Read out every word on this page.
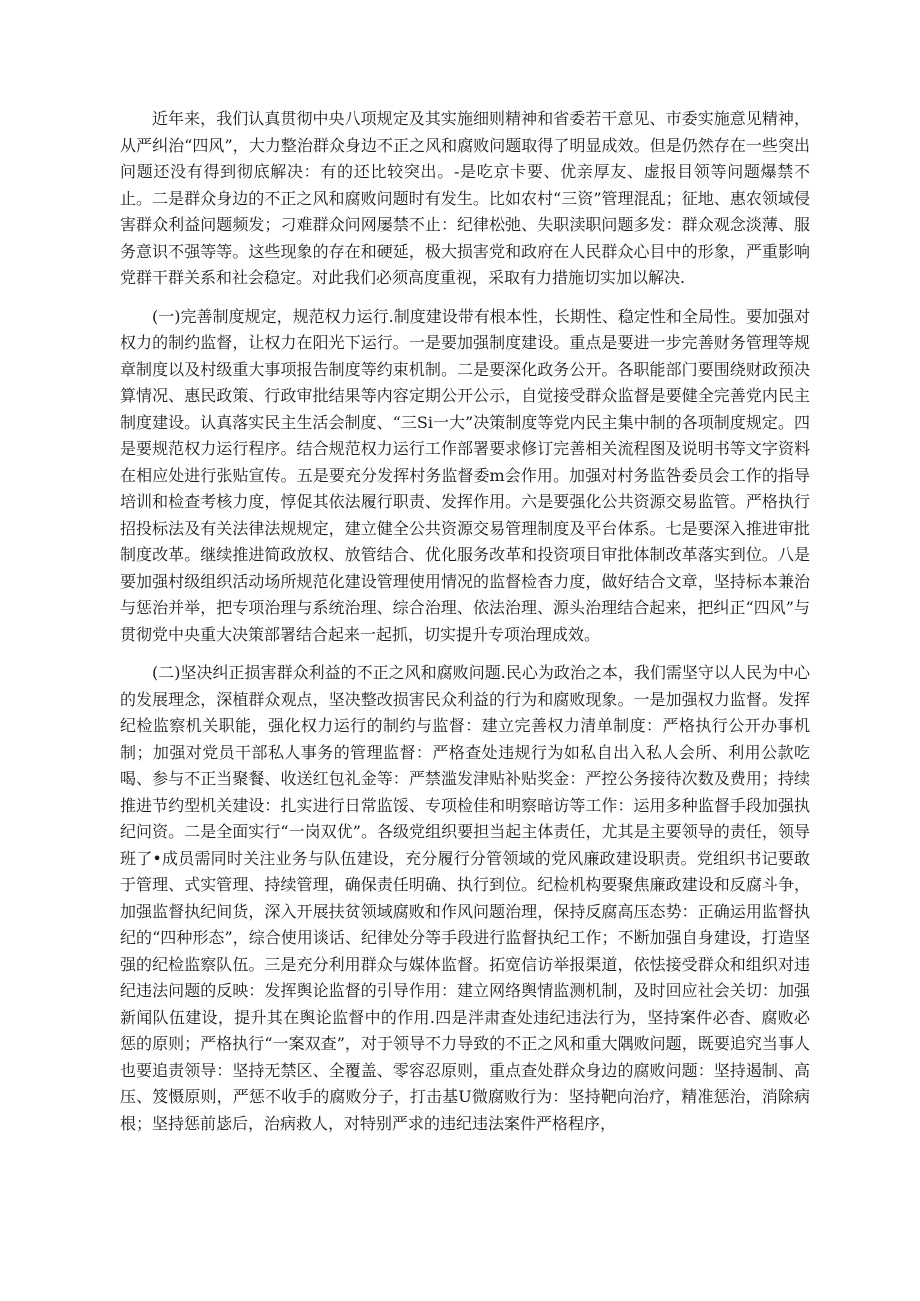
近年来，我们认真贯彻中央八项规定及其实施细则精神和省委若干意见、市委实施意见精神，从严纠治“四风”，大力整治群众身边不正之风和腐败问题取得了明显成效。但是仍然存在一些突出问题还没有得到彻底解决：有的还比较突出。-是吃京卡要、优亲厚友、虚报目领等问题爆禁不止。二是群众身边的不正之风和腐败问题时有发生。比如农村“三资”管理混乱；征地、惠农领域侵害群众利益问题频发；刁难群众问网屡禁不止：纪律松弛、失职渎职问题多发：群众观念淡薄、服务意识不强等等。这些现象的存在和硬延，极大损害党和政府在人民群众心目中的形象，严重影响党群干群关系和社会稳定。对此我们必须高度重视，采取有力措施切实加以解决.

(一)完善制度规定，规范权力运行.制度建设带有根本性，长期性、稳定性和全局性。要加强对权力的制约监督，让权力在阳光下运行。一是要加强制度建设。重点是要进一步完善财务管理等规章制度以及村级重大事项报告制度等约束机制。二是要深化政务公开。各职能部门要围绕财政预决算情况、惠民政策、行政审批结果等内容定期公开公示，自觉接受群众监督是要健全完善党内民主制度建设。认真落实民主生活会制度、“三Si一大”决策制度等党内民主集中制的各项制度规定。四是要规范权力运行程序。结合规范权力运行工作部署要求修订完善相关流程图及说明书等文字资料在相应处进行张贴宣传。五是要充分发挥村务监督委m会作用。加强对村务监咎委员会工作的指导培训和检查考核力度，惇促其依法履行职责、发挥作用。六是要强化公共资源交易监管。严格执行招投标法及有关法律法规规定，建立健全公共资源交易管理制度及平台体系。七是要深入推进审批制度改革。继续推进简政放权、放管结合、优化服务改革和投资项目审批体制改革落实到位。八是要加强村级组织活动场所规范化建设管理使用情况的监督检杳力度，做好结合文章，坚持标本兼治与惩治并举，把专项治理与系统治理、综合治理、依法治理、源头治理结合起来，把纠正“四风”与贯彻党中央重大决策部署结合起来一起抓，切实提升专项治理成效。

(二)坚决纠正损害群众利益的不正之风和腐败问题.民心为政治之本，我们需坚守以人民为中心的发展理念，深植群众观点，坚决整改损害民众利益的行为和腐败现象。一是加强权力监督。发挥纪检监察机关职能，强化权力运行的制约与监督：建立完善权力清单制度：严格执行公开办事机制；加强对党员干部私人事务的管理监督：严格查处违规行为如私自出入私人会所、利用公款吃喝、参与不正当聚餐、收送红包礼金等：严禁滥发津贴补贴奖金：严控公务接待次数及费用；持续推进节约型机关建设：扎实进行日常监馁、专项检佳和明察暗访等工作：运用多种监督手段加强执纪问资。二是全面实行“一岗双优”。各级党组织要担当起主体责任，尤其是主要领导的责任，领导班了•成员需同时关注业务与队伍建设，充分履行分管领域的党风廉政建设职责。党组织书记要敢于管理、式实管理、持续管理，确保责任明确、执行到位。纪检机构要聚焦廉政建设和反腐斗争，加强监督执纪间货，深入开展扶贫领域腐败和作风问题治理，保持反腐高压态势：正确运用监督执纪的“四种形态”，综合使用谈话、纪律处分等手段进行监督执纪工作；不断加强自身建设，打造坚强的纪检监察队伍。三是充分利用群众与媒体监督。拓宽信访举报渠道，依怯接受群众和组织对违纪违法问题的反映：发挥舆论监督的引导作用：建立网络舆情监测机制，及时回应社会关切：加强新闻队伍建设，提升其在舆论监督中的作用.四是泮肃查处违纪违法行为，坚持案件必杳、腐败必惩的原则；严格执行“一案双查”，对于领导不力导致的不正之风和重大隅败问题，既要追究当事人也要追责领导：坚持无禁区、全覆盖、零容忍原则，重点查处群众身边的腐败问题：坚持遏制、高压、笈慑原则，严惩不收手的腐败分子，打击基U微腐败行为：坚持靶向治疗，精准惩治，消除病根；坚持惩前毖后，治病救人，对特别严求的违纪违法案件严格程序，
